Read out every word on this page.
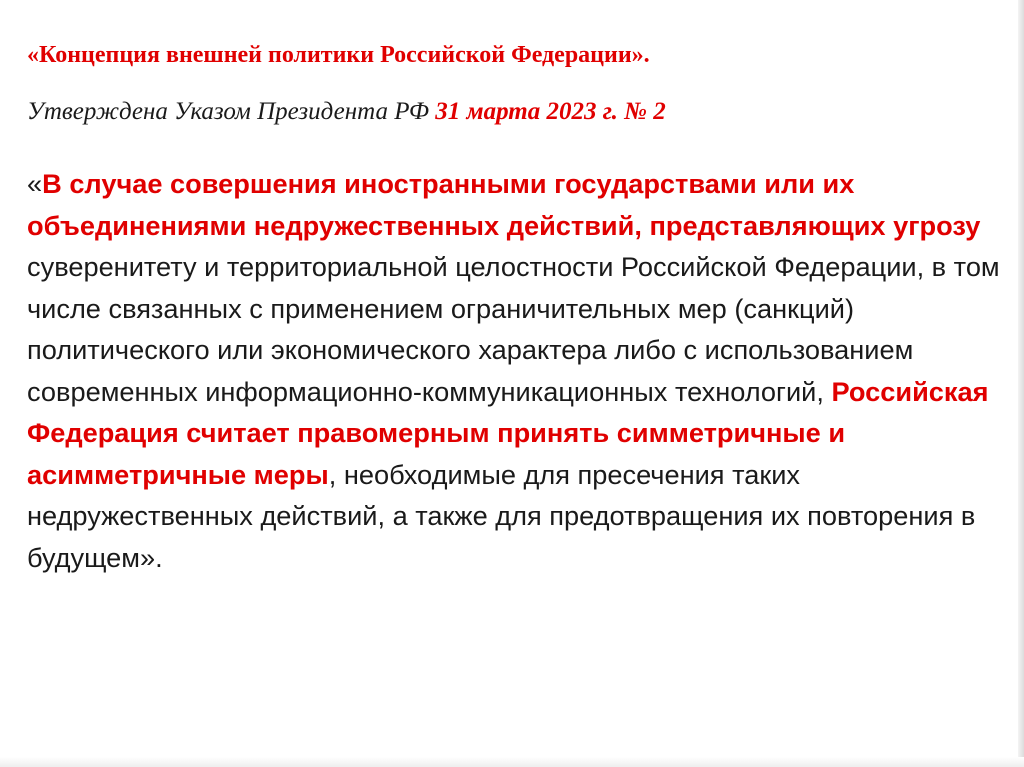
«Концепция внешней политики Российской Федерации».

Утверждена Указом Президента РФ 31 марта 2023 г. № 2

«В случае совершения иностранными государствами или их объединениями недружественных действий, представляющих угрозу суверенитету и территориальной целостности Российской Федерации, в том числе связанных с применением ограничительных мер (санкций) политического или экономического характера либо с использованием современных информационно-коммуникационных технологий, Российская Федерация считает правомерным принять симметричные и асимметричные меры, необходимые для пресечения таких недружественных действий, а также для предотвращения их повторения в будущем».
